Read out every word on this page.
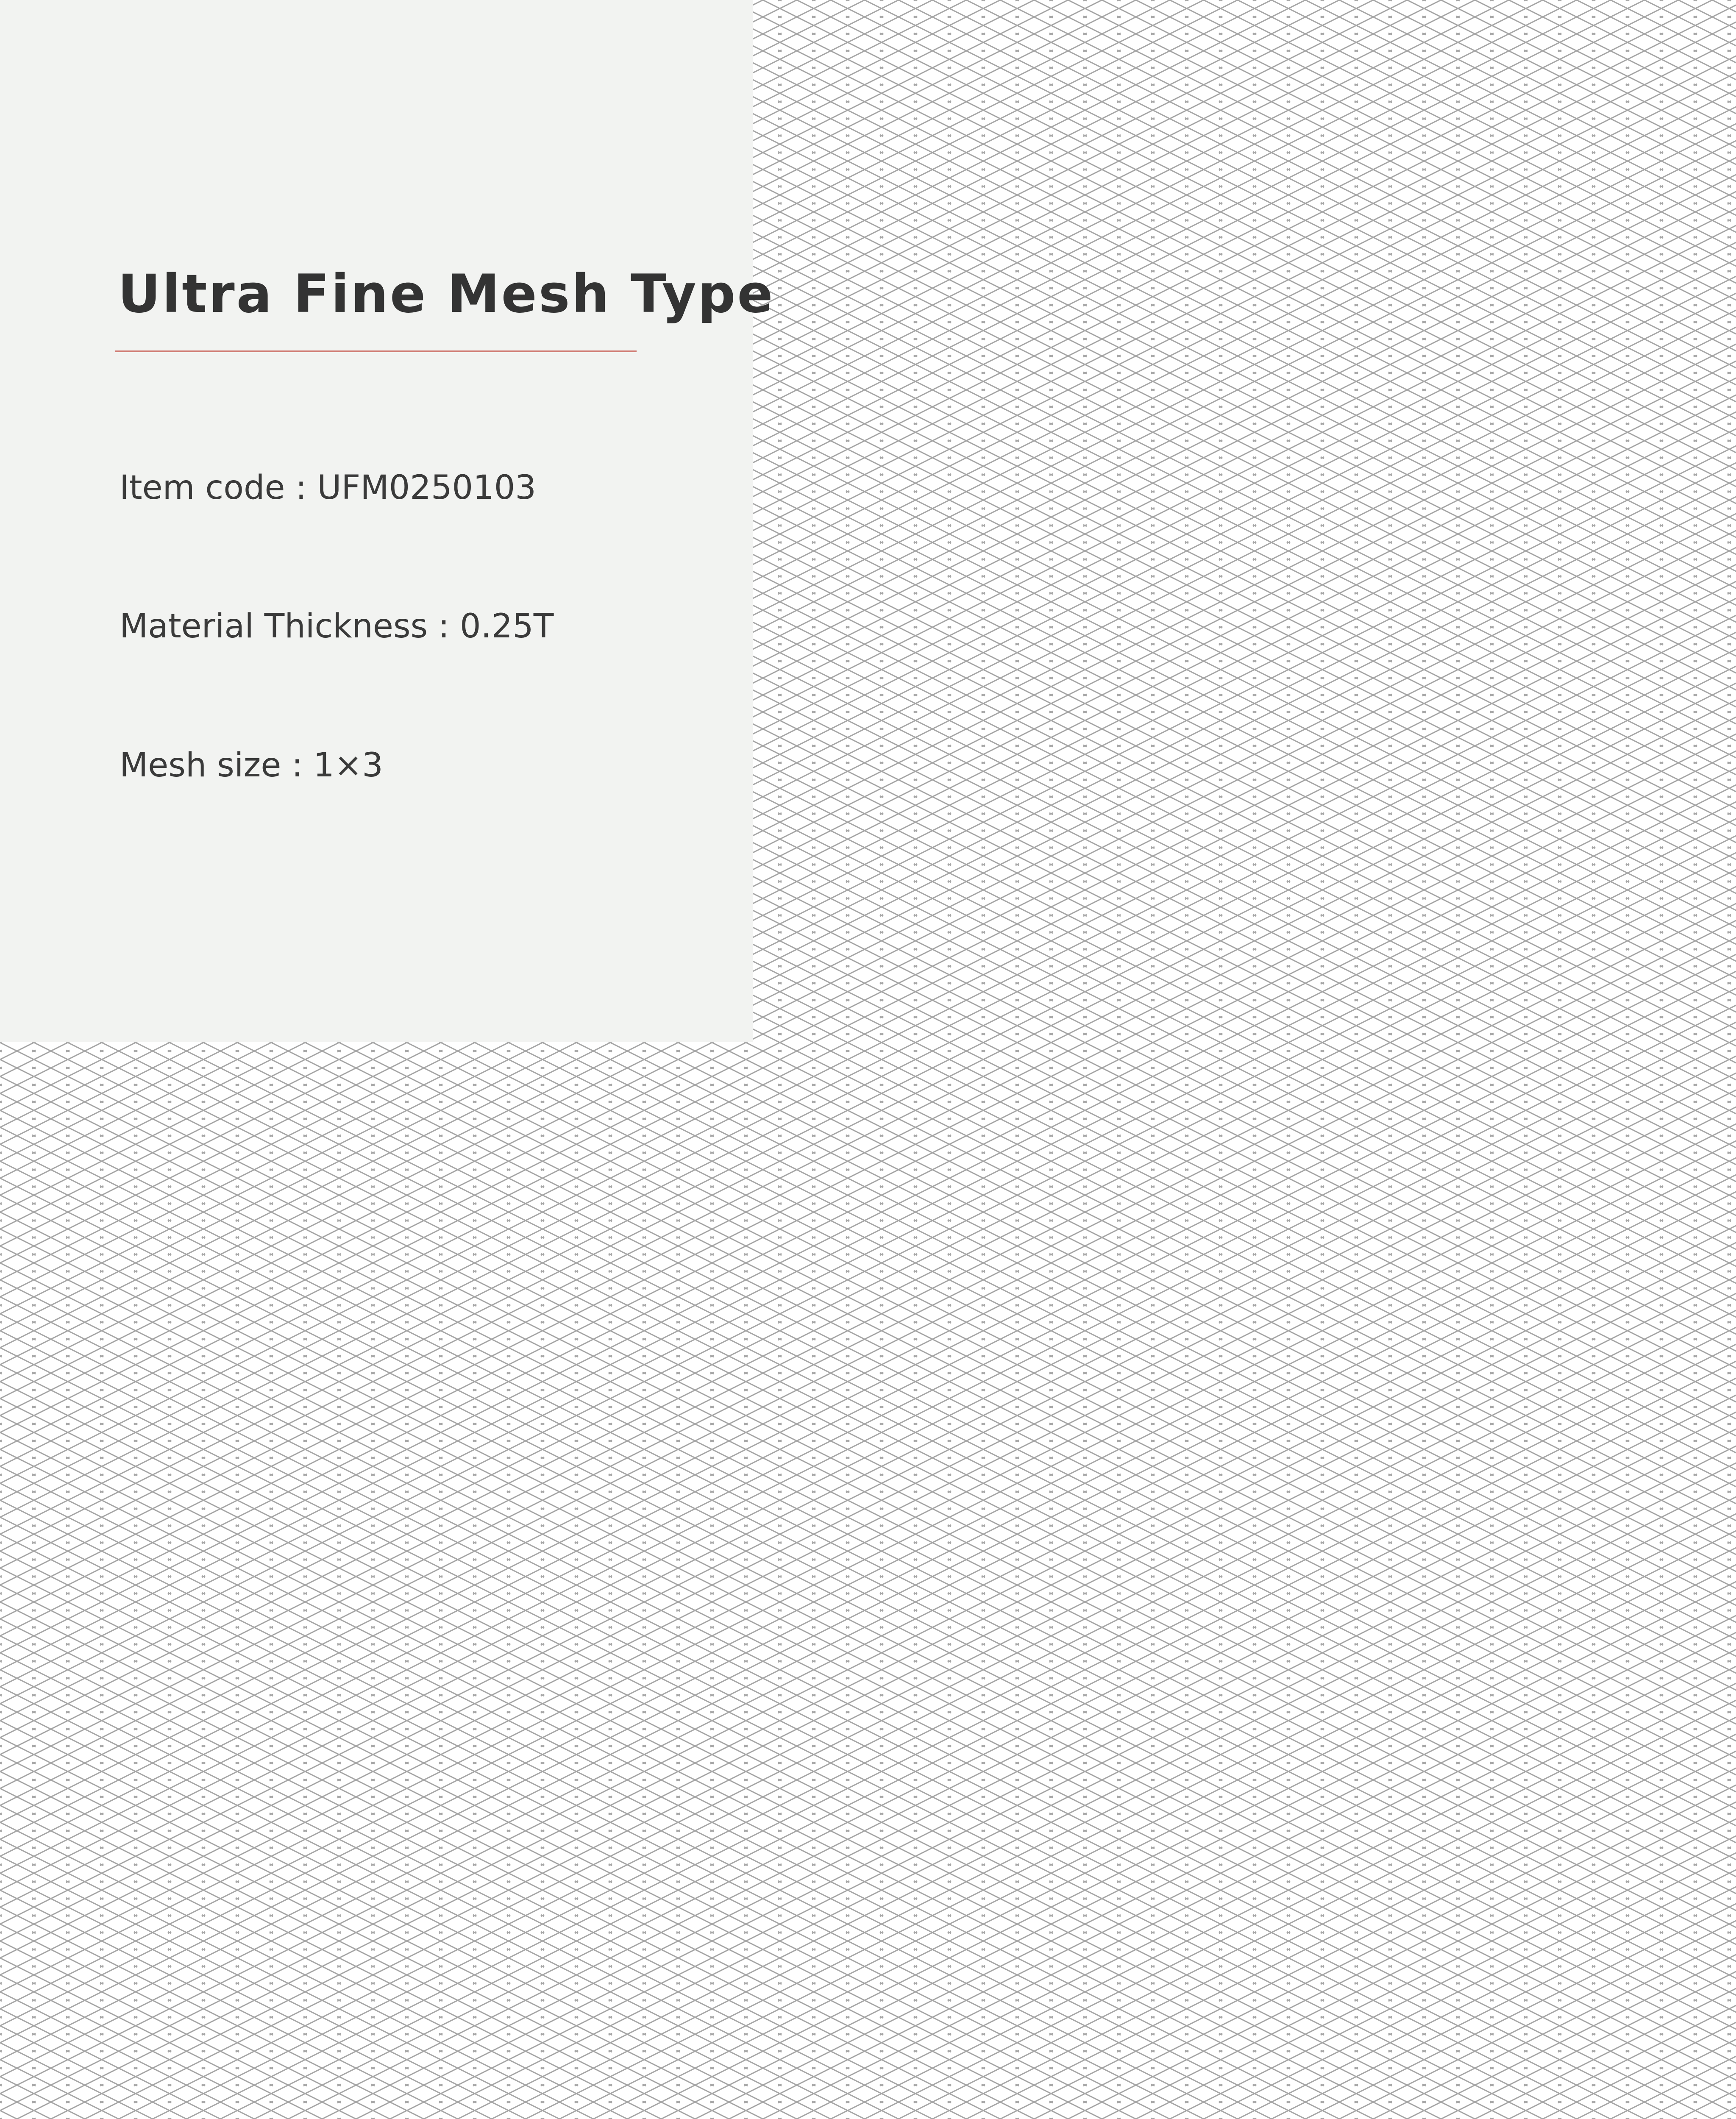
Ultra Fine Mesh Type

Item code : UFM0250103

Material Thickness : 0.25T

Mesh size : 1×3
